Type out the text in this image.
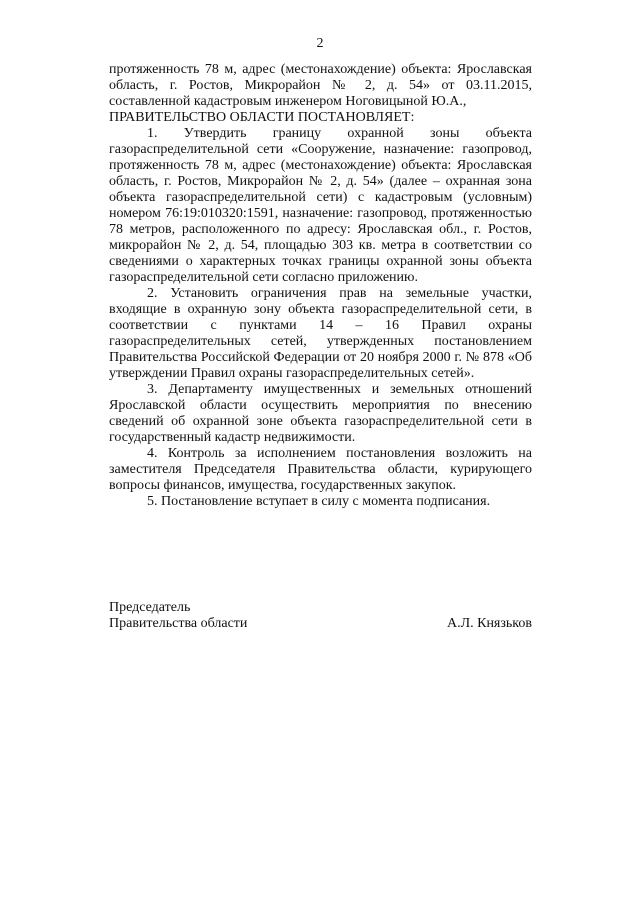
2

протяженность 78 м, адрес (местонахождение) объекта: Ярославская область, г. Ростов, Микрорайон № 2, д. 54» от 03.11.2015, составленной кадастровым инженером Ноговицыной Ю.А.,

ПРАВИТЕЛЬСТВО ОБЛАСТИ ПОСТАНОВЛЯЕТ:

1. Утвердить границу охранной зоны объекта газораспределительной сети «Сооружение, назначение: газопровод, протяженность 78 м, адрес (местонахождение) объекта: Ярославская область, г. Ростов, Микрорайон № 2, д. 54» (далее – охранная зона объекта газораспределительной сети) с кадастровым (условным) номером 76:19:010320:1591, назначение: газопровод, протяженностью 78 метров, расположенного по адресу: Ярославская обл., г. Ростов, микрорайон № 2, д. 54, площадью 303 кв. метра в соответствии со сведениями о характерных точках границы охранной зоны объекта газораспределительной сети согласно приложению.

2. Установить ограничения прав на земельные участки, входящие в охранную зону объекта газораспределительной сети, в соответствии с пунктами 14 – 16 Правил охраны газораспределительных сетей, утвержденных постановлением Правительства Российской Федерации от 20 ноября 2000 г. № 878 «Об утверждении Правил охраны газораспределительных сетей».

3. Департаменту имущественных и земельных отношений Ярославской области осуществить мероприятия по внесению сведений об охранной зоне объекта газораспределительной сети в государственный кадастр недвижимости.

4. Контроль за исполнением постановления возложить на заместителя Председателя Правительства области, курирующего вопросы финансов, имущества, государственных закупок.

5. Постановление вступает в силу с момента подписания.

Председатель
Правительства области	А.Л. Князьков
